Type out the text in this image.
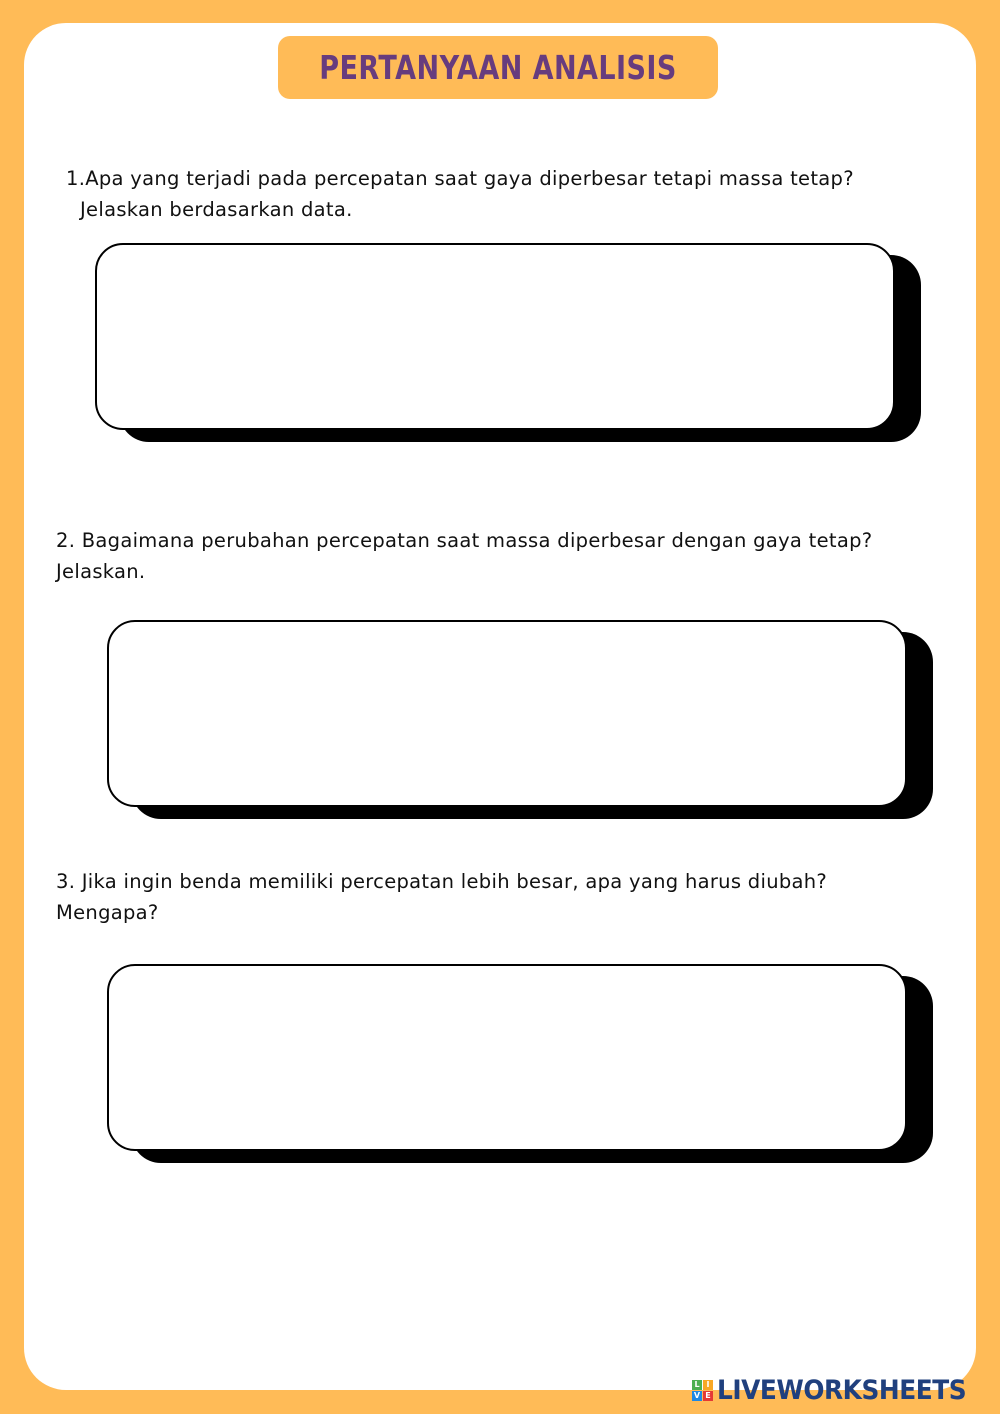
PERTANYAAN ANALISIS
1.Apa yang terjadi pada percepatan saat gaya diperbesar tetapi massa tetap?
Jelaskan berdasarkan data.
2. Bagaimana perubahan percepatan saat massa diperbesar dengan gaya tetap?
Jelaskan.
3. Jika ingin benda memiliki percepatan lebih besar, apa yang harus diubah?
Mengapa?
L I
V E LIVEWORKSHEETS
